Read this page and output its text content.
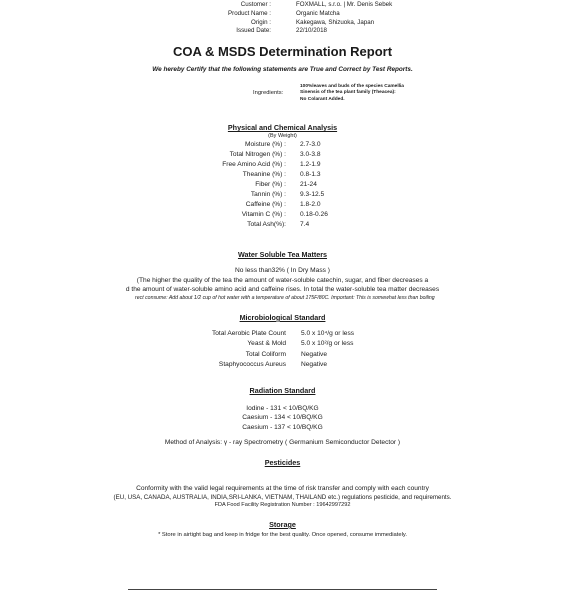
Customer :	FOXMALL, s.r.o. | Mr. Denis Sebek
Product Name :	Organic Matcha
Origin :	Kakegawa, Shizuoka, Japan
Issued Date:	22/10/2018
COA & MSDS Determination Report
We hereby Certify that the following statements are True and Correct by Test Reports.
Ingredients:
100%leaves and buds of the species Camellia
Sinensis of the tea plant family (Theacea):
No Colarant Added.
Physical and Chemical Analysis
(By Weight)
Moisture (%) : 2.7-3.0
Total Nitrogen (%) : 3.0-3.8
Free Amino Acid (%) : 1.2-1.9
Theanine (%) : 0.8-1.3
Fiber (%) : 21-24
Tannin (%) : 9.3-12.5
Caffeine (%) : 1.8-2.0
Vitamin C (%) : 0.18-0.26
Total Ash(%): 7.4
Water Soluble Tea Matters
No less than32% ( In Dry Mass )
(The higher the quality of the tea the amount of water-soluble catechin, sugar, and fiber decreases a
d the amount of water-soluble amino acid and caffeine rises. In total the water-soluble tea matter decreases
rect consume: Add about 1/2 cup of hot water with a temperature of about 175F/80C. Important: This is somewhat less than boiling
Microbiological Standard
Total Aerobic Plate Count 5.0 x 10⁴/g or less
Yeast & Mold 5.0 x 10²/g or less
Total Coliform Negative
Staphyococcus Aureus Negative
Radiation Standard
Iodine - 131 < 10/BQ/KG
Caesium - 134 < 10/BQ/KG
Caesium - 137 < 10/BQ/KG
Method of Analysis: γ - ray Spectrometry ( Germanium Semiconductor Detector )
Pesticides
Conformity with the valid legal requirements at the time of risk transfer and comply with each country
(EU, USA, CANADA, AUSTRALIA, INDIA,SRI-LANKA, VIETNAM, THAILAND etc.) regulations pesticide, and requirements.
FDA Food Facility Registration Number : 19642997292
Storage
* Store in airtight bag and keep in fridge for the best quality. Once opened, consume immediately.
